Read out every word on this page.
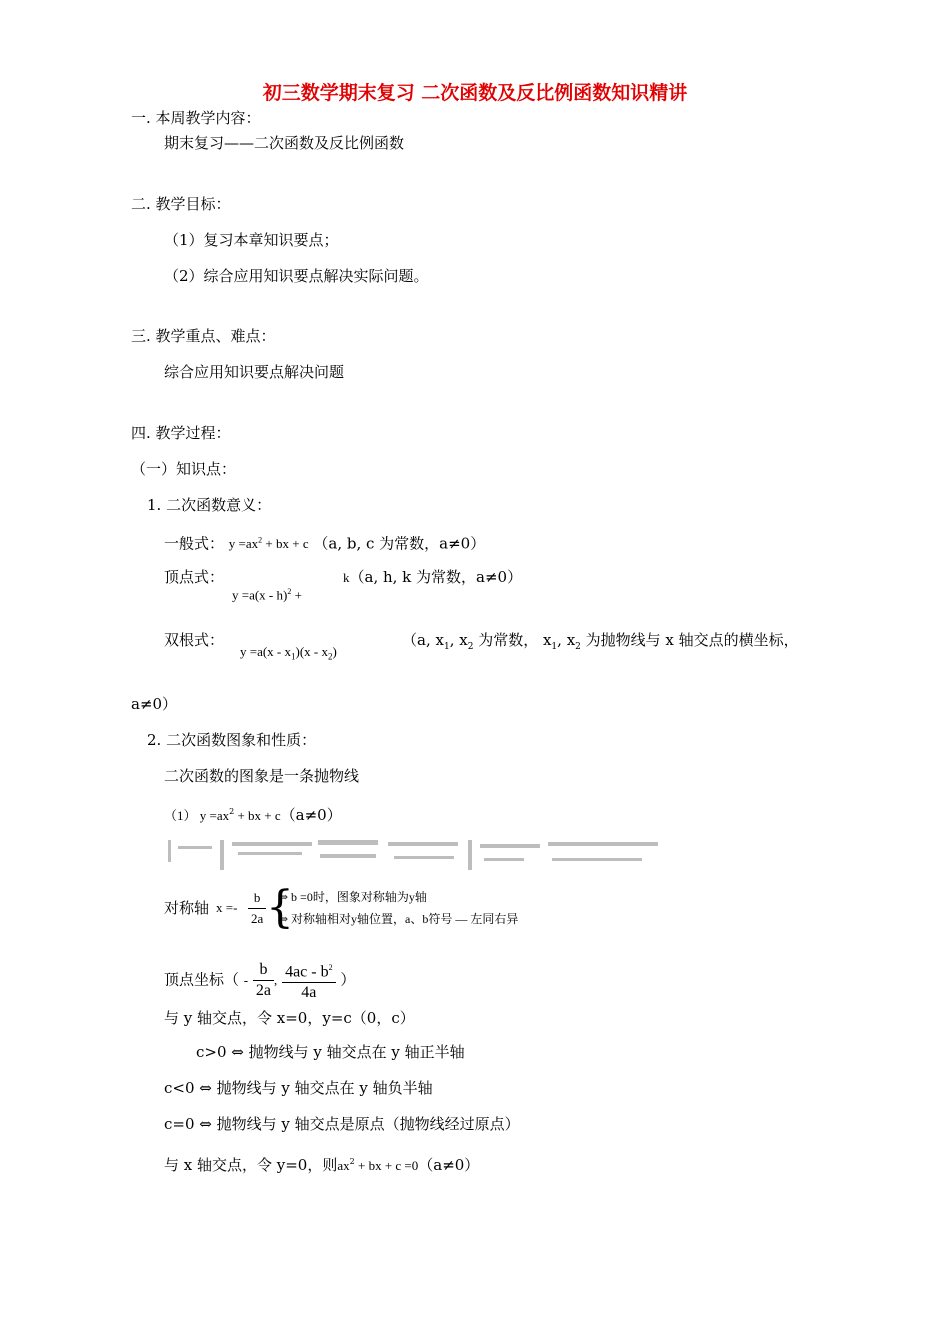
初三数学期末复习 二次函数及反比例函数知识精讲
一. 本周教学内容：
期末复习——二次函数及反比例函数
二. 教学目标：
（1）复习本章知识要点；
（2）综合应用知识要点解决实际问题。
三. 教学重点、难点：
综合应用知识要点解决问题
四. 教学过程：
（一）知识点：
1. 二次函数意义：
一般式： $y =ax^2$ + bx + c （a, b, c 为常数，a≠0）
顶点式：
y =a(x - h)$^2$ +
k（a, h, k 为常数，a≠0）
双根式：
$y =a(x - x_1)(x - x_2)$
（a, $x_1$, $x_2$ 为常数， $x_1$, $x_2$ 为抛物线与 x 轴交点的横坐标，
a≠0）
2. 二次函数图象和性质：
二次函数的图象是一条抛物线
（1） $y =ax^2$ + bx + c（a≠0）
对称轴 $x =- \frac{b}{2a}$ {
⇒ b =0时，图象对称轴为y轴
⇒ 对称轴相对y轴位置，a、b符号 — 左同右异
顶点坐标（ - $\frac{b}{2a}$ , $\frac{4ac - b^2}{4a}$ ）
与 y 轴交点，令 x=0，y=c（0，c）
c>0 ⇔ 抛物线与 y 轴交点在 y 轴正半轴
c<0 ⇔ 抛物线与 y 轴交点在 y 轴负半轴
c=0 ⇔ 抛物线与 y 轴交点是原点（抛物线经过原点）
与 x 轴交点，令 y=0，则$ax^2$ + bx + c =0（a≠0）
